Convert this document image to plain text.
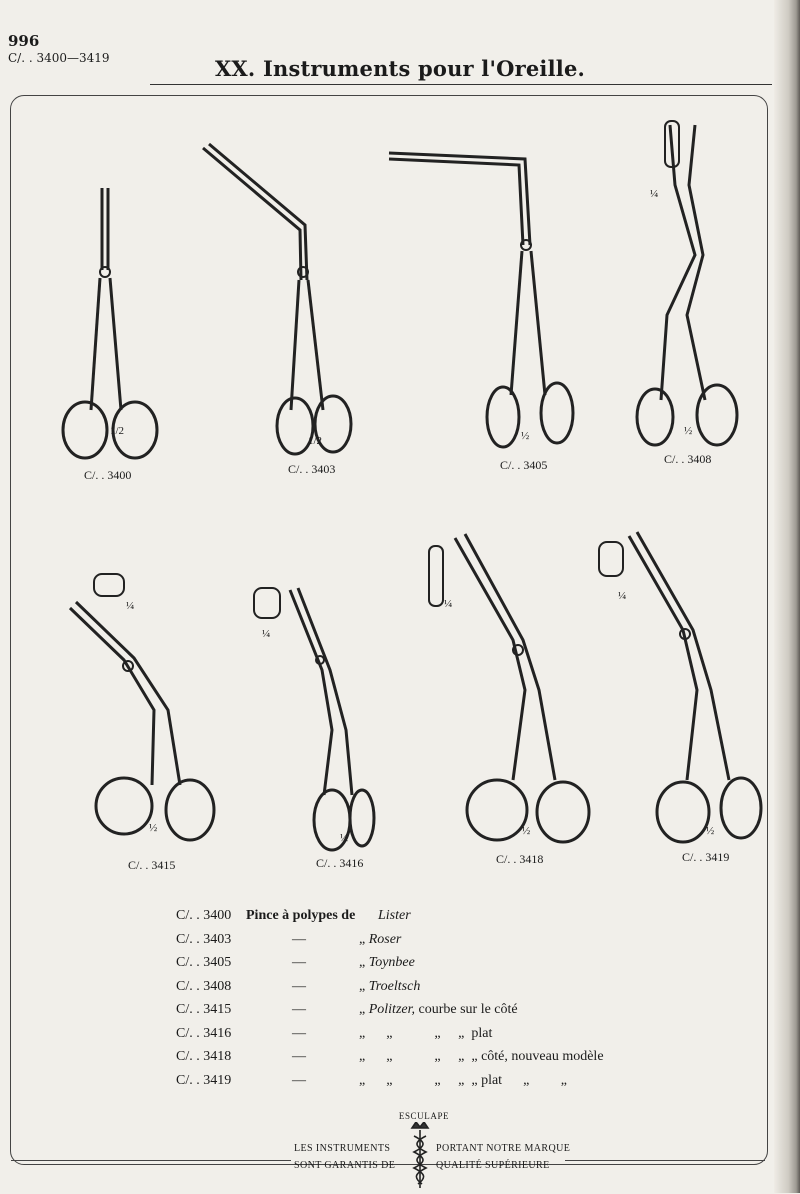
996
C/. . 3400—3419	XX. Instruments pour l'Oreille.
1/2
C/. . 3400
1/2
C/. . 3403
½
C/. . 3405
¼
½
C/. . 3408
¼
½
C/. . 3415
¼
½
C/. . 3416
¼
½
C/. . 3418
¼
½
C/. . 3419
C/. . 3400 Pince à polypes de Lister
C/. . 3403	—	„ Roser
C/. . 3405	—	„ Toynbee
C/. . 3408	—	„ Troeltsch
C/. . 3415	—	„ Politzer, courbe sur le côté
C/. . 3416	—	„      „            „     „  plat
C/. . 3418	—	„      „            „     „  „ côté, nouveau modèle
C/. . 3419	—	„      „            „     „  „ plat      „         „
ESCULAPE
LES INSTRUMENTS
SONT GARANTIS DE
PORTANT NOTRE MARQUE
QUALITÉ SUPÉRIEURE
